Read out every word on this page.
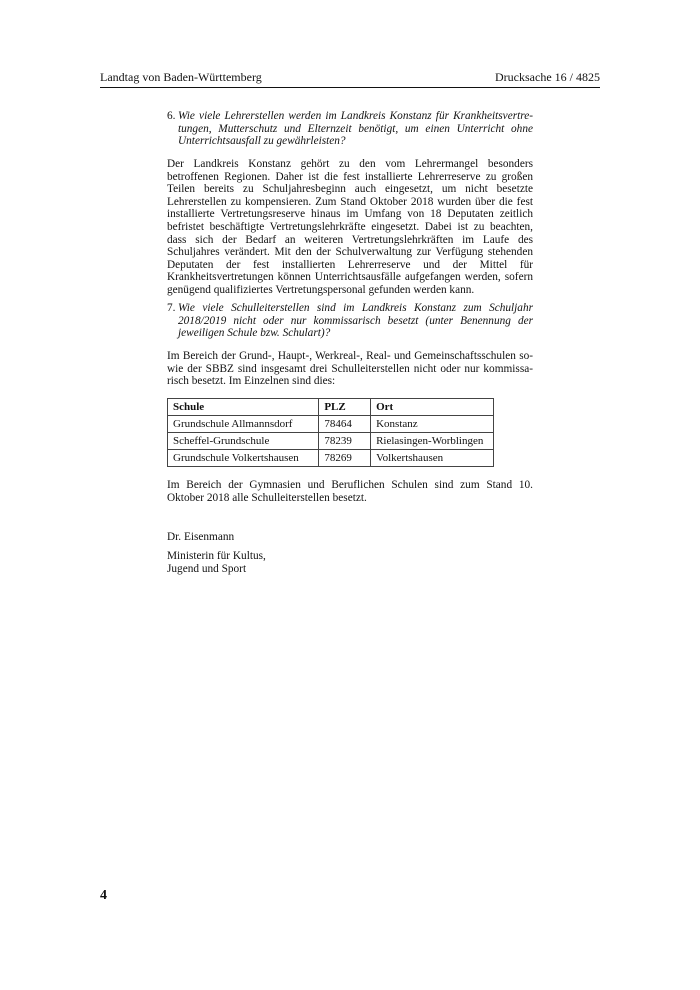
Landtag von Baden-Württemberg	Drucksache 16 / 4825
6. Wie viele Lehrerstellen werden im Landkreis Konstanz für Krankheitsvertretungen, Mutterschutz und Elternzeit benötigt, um einen Unterricht ohne Unterrichtsausfall zu gewährleisten?
Der Landkreis Konstanz gehört zu den vom Lehrermangel besonders betroffenen Regionen. Daher ist die fest installierte Lehrerreserve zu großen Teilen bereits zu Schuljahresbeginn auch eingesetzt, um nicht besetzte Lehrerstellen zu kompensieren. Zum Stand Oktober 2018 wurden über die fest installierte Vertretungsreserve hinaus im Umfang von 18 Deputaten zeitlich befristet beschäftigte Vertretungslehrkräfte eingesetzt. Dabei ist zu beachten, dass sich der Bedarf an weiteren Vertretungslehrkräften im Laufe des Schuljahres verändert. Mit den der Schulverwaltung zur Verfügung stehenden Deputaten der fest installierten Lehrerreserve und der Mittel für Krankheitsvertretungen können Unterrichtsausfälle aufgefangen werden, sofern genügend qualifiziertes Vertretungspersonal gefunden werden kann.
7. Wie viele Schulleiterstellen sind im Landkreis Konstanz zum Schuljahr 2018/2019 nicht oder nur kommissarisch besetzt (unter Benennung der jeweiligen Schule bzw. Schulart)?
Im Bereich der Grund-, Haupt-, Werkreal-, Real- und Gemeinschaftsschulen sowie der SBBZ sind insgesamt drei Schulleiterstellen nicht oder nur kommissarisch besetzt. Im Einzelnen sind dies:
Schule	PLZ	Ort
Grundschule Allmannsdorf	78464	Konstanz
Scheffel-Grundschule	78239	Rielasingen-Worblingen
Grundschule Volkertshausen	78269	Volkertshausen
Im Bereich der Gymnasien und Beruflichen Schulen sind zum Stand 10. Oktober 2018 alle Schulleiterstellen besetzt.
Dr. Eisenmann
Ministerin für Kultus,
Jugend und Sport
4
